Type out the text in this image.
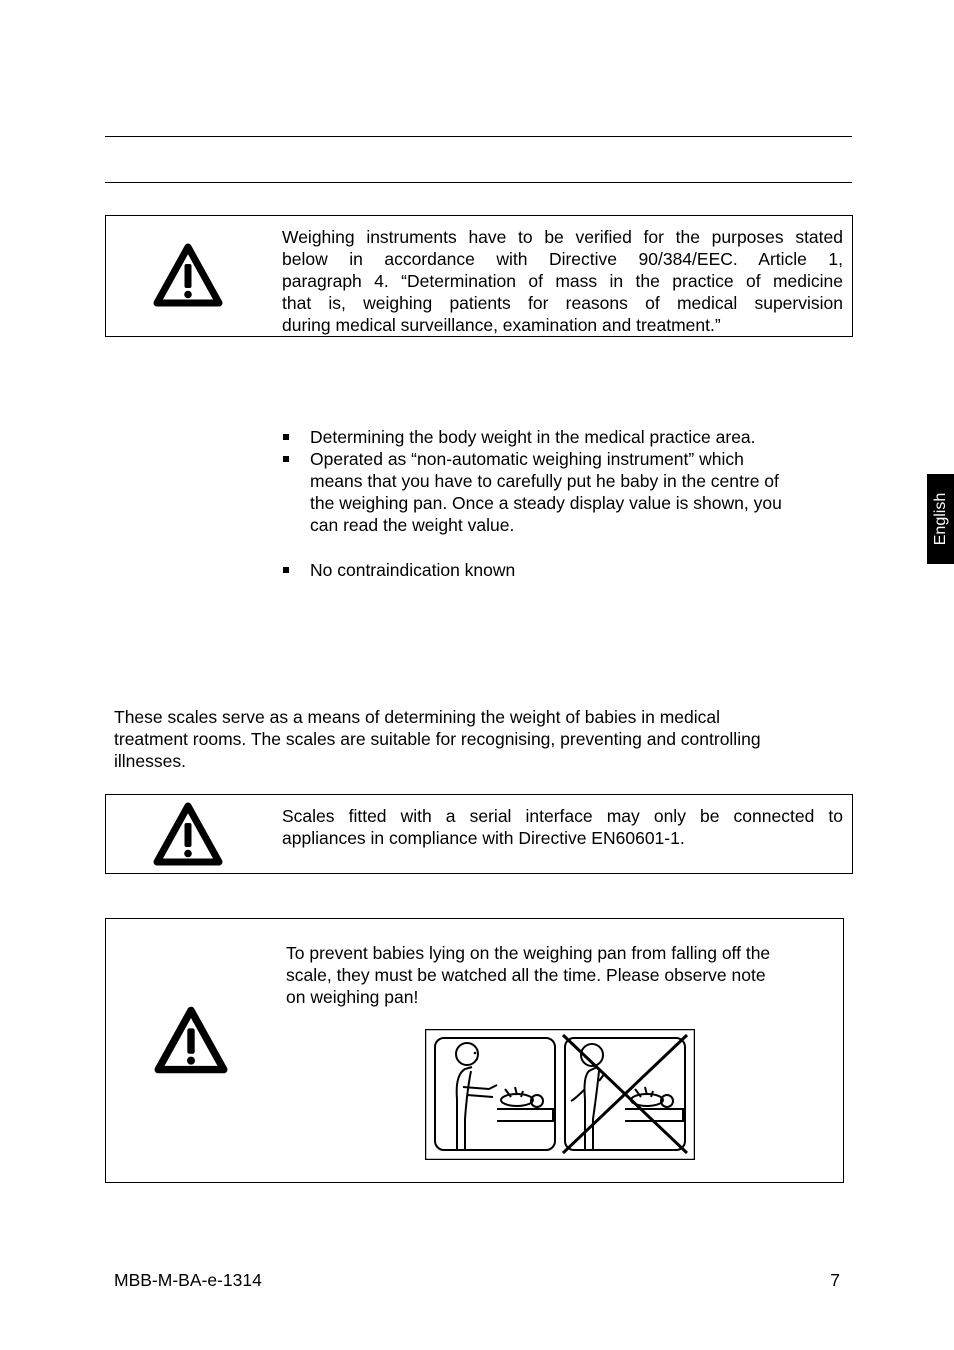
Weighing instruments have to be verified for the purposes stated
below in accordance with Directive 90/384/EEC. Article 1,
paragraph 4. “Determination of mass in the practice of medicine
that is, weighing patients for reasons of medical supervision
during medical surveillance, examination and treatment.”
Determining the body weight in the medical practice area.
Operated as “non-automatic weighing instrument” which
means that you have to carefully put he baby in the centre of
the weighing pan. Once a steady display value is shown, you
can read the weight value.
No contraindication known
These scales serve as a means of determining the weight of babies in medical
treatment rooms. The scales are suitable for recognising, preventing and controlling
illnesses.
Scales fitted with a serial interface may only be connected to
appliances in compliance with Directive EN60601-1.
To prevent babies lying on the weighing pan from falling off the
scale, they must be watched all the time. Please observe note
on weighing pan!
English
MBB-M-BA-e-1314	7
